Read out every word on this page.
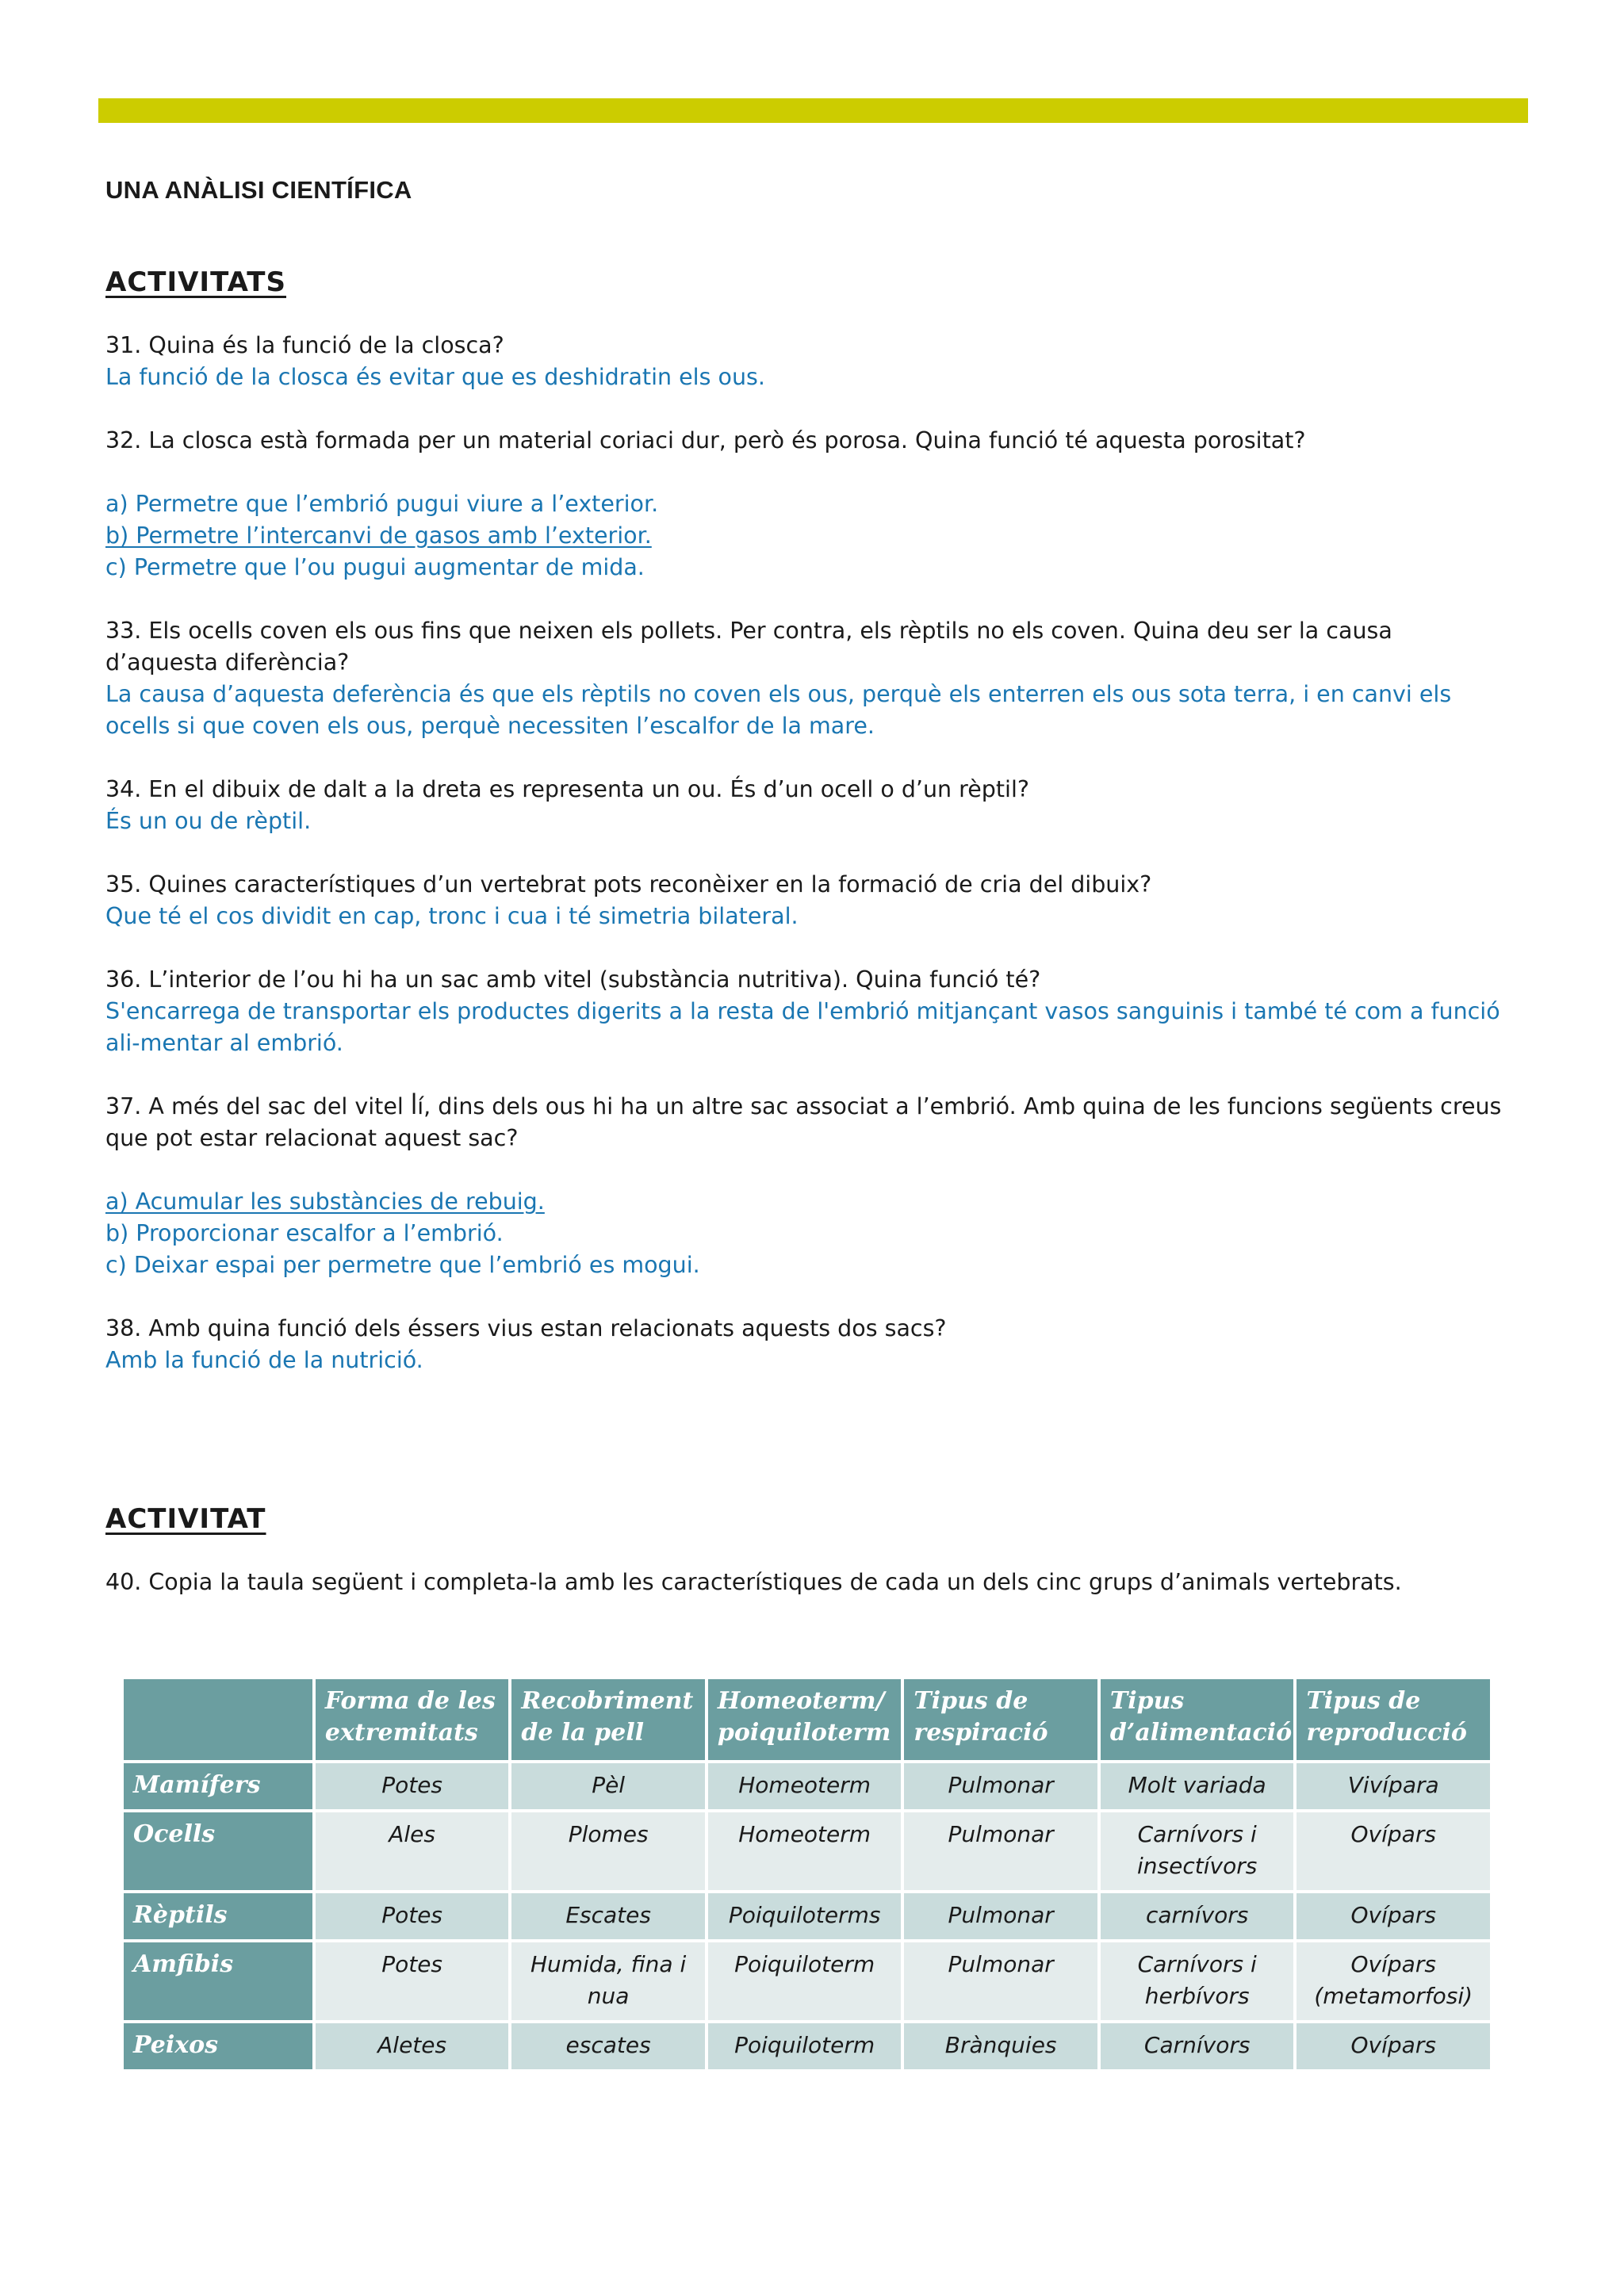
UNA ANÀLISI CIENTÍFICA
ACTIVITATS

31. Quina és la funció de la closca?

La funció de la closca és evitar que es deshidratin els ous.

32. La closca està formada per un material coriaci dur, però és porosa. Quina funció té aquesta porositat?

a) Permetre que l’embrió pugui viure a l’exterior.

b) Permetre l’intercanvi de gasos amb l’exterior.

c) Permetre que l’ou pugui augmentar de mida.

33. Els ocells coven els ous fins que neixen els pollets. Per contra, els rèptils no els coven. Quina deu ser la causa d’aquesta diferència?

La causa d’aquesta deferència és que els rèptils no coven els ous, perquè els enterren els ous sota terra, i en canvi els ocells si que coven els ous, perquè necessiten l’escalfor de la mare.

34. En el dibuix de dalt a la dreta es representa un ou. És d’un ocell o d’un rèptil?

És un ou de rèptil.

35. Quines característiques d’un vertebrat pots reconèixer en la formació de cria del dibuix?

Que té el cos dividit en cap, tronc i cua i té simetria bilateral.

36. L’interior de l’ou hi ha un sac amb vitel (substància nutritiva). Quina funció té?

S'encarrega de transportar els productes digerits a la resta de l'embrió mitjançant vasos sanguinis i també té com a funció ali-mentar al embrió.

37. A més del sac del vitel ꟾí, dins dels ous hi ha un altre sac associat a l’embrió. Amb quina de les funcions següents creus que pot estar relacionat aquest sac?

a) Acumular les substàncies de rebuig.

b) Proporcionar escalfor a l’embrió.

c) Deixar espai per permetre que l’embrió es mogui.

38. Amb quina funció dels éssers vius estan relacionats aquests dos sacs?

Amb la funció de la nutrició.

ACTIVITAT

40. Copia la taula següent i completa-la amb les característiques de cada un dels cinc grups d’animals vertebrats.

	Forma de les extremitats	Recobriment de la pell	Homeoterm/ poiquiloterm	Tipus de respiració	Tipus d’alimentació	Tipus de reproducció
Mamífers	Potes	Pèl	Homeoterm	Pulmonar	Molt variada	Vivípara
Ocells	Ales	Plomes	Homeoterm	Pulmonar	Carnívors i insectívors	Ovípars
Rèptils	Potes	Escates	Poiquiloterms	Pulmonar	carnívors	Ovípars
Amfibis	Potes	Humida, fina i nua	Poiquiloterm	Pulmonar	Carnívors i herbívors	Ovípars (metamorfosi)
Peixos	Aletes	escates	Poiquiloterm	Brànquies	Carnívors	Ovípars
